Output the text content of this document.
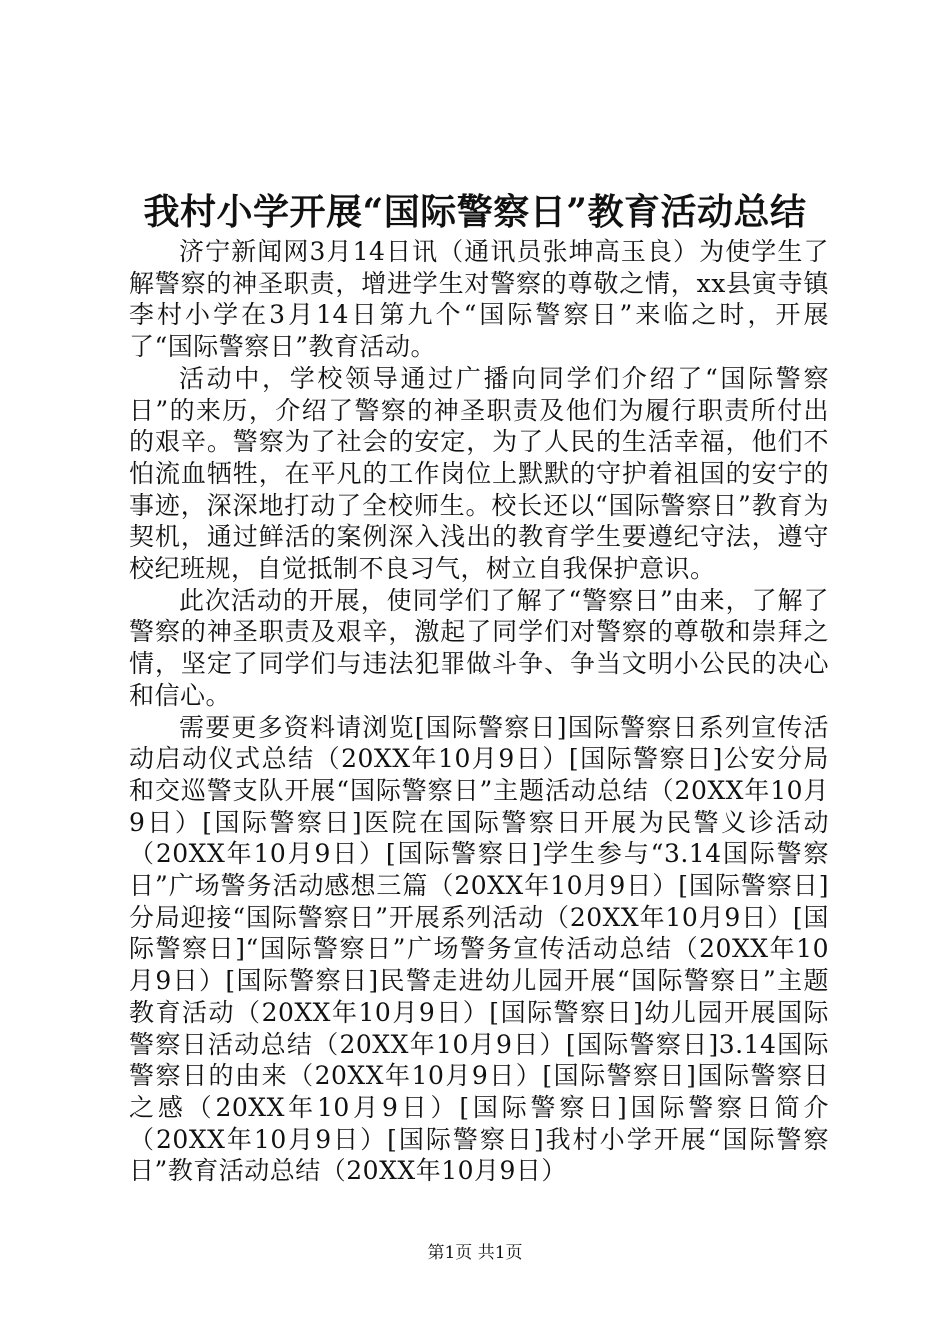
我村小学开展“国际警察日”教育活动总结

济宁新闻网3月14日讯（通讯员张坤高玉良）为使学生了解警察的神圣职责，增进学生对警察的尊敬之情，xx县寅寺镇李村小学在3月14日第九个“国际警察日”来临之时，开展了“国际警察日”教育活动。

活动中，学校领导通过广播向同学们介绍了“国际警察日”的来历，介绍了警察的神圣职责及他们为履行职责所付出的艰辛。警察为了社会的安定，为了人民的生活幸福，他们不怕流血牺牲，在平凡的工作岗位上默默的守护着祖国的安宁的事迹，深深地打动了全校师生。校长还以“国际警察日”教育为契机，通过鲜活的案例深入浅出的教育学生要遵纪守法，遵守校纪班规，自觉抵制不良习气，树立自我保护意识。

此次活动的开展，使同学们了解了“警察日”由来，了解了警察的神圣职责及艰辛，激起了同学们对警察的尊敬和崇拜之情，坚定了同学们与违法犯罪做斗争、争当文明小公民的决心和信心。

需要更多资料请浏览[国际警察日]国际警察日系列宣传活动启动仪式总结（20XX年10月9日）[国际警察日]公安分局和交巡警支队开展“国际警察日”主题活动总结（20XX年10月9日）[国际警察日]医院在国际警察日开展为民警义诊活动（20XX年10月9日）[国际警察日]学生参与“3.14国际警察日”广场警务活动感想三篇（20XX年10月9日）[国际警察日]分局迎接“国际警察日”开展系列活动（20XX年10月9日）[国际警察日]“国际警察日”广场警务宣传活动总结（20XX年10月9日）[国际警察日]民警走进幼儿园开展“国际警察日”主题教育活动（20XX年10月9日）[国际警察日]幼儿园开展国际警察日活动总结（20XX年10月9日）[国际警察日]3.14国际警察日的由来（20XX年10月9日）[国际警察日]国际警察日之感（20XX年10月9日）[国际警察日]国际警察日简介（20XX年10月9日）[国际警察日]我村小学开展“国际警察日”教育活动总结（20XX年10月9日）

第1页 共1页
